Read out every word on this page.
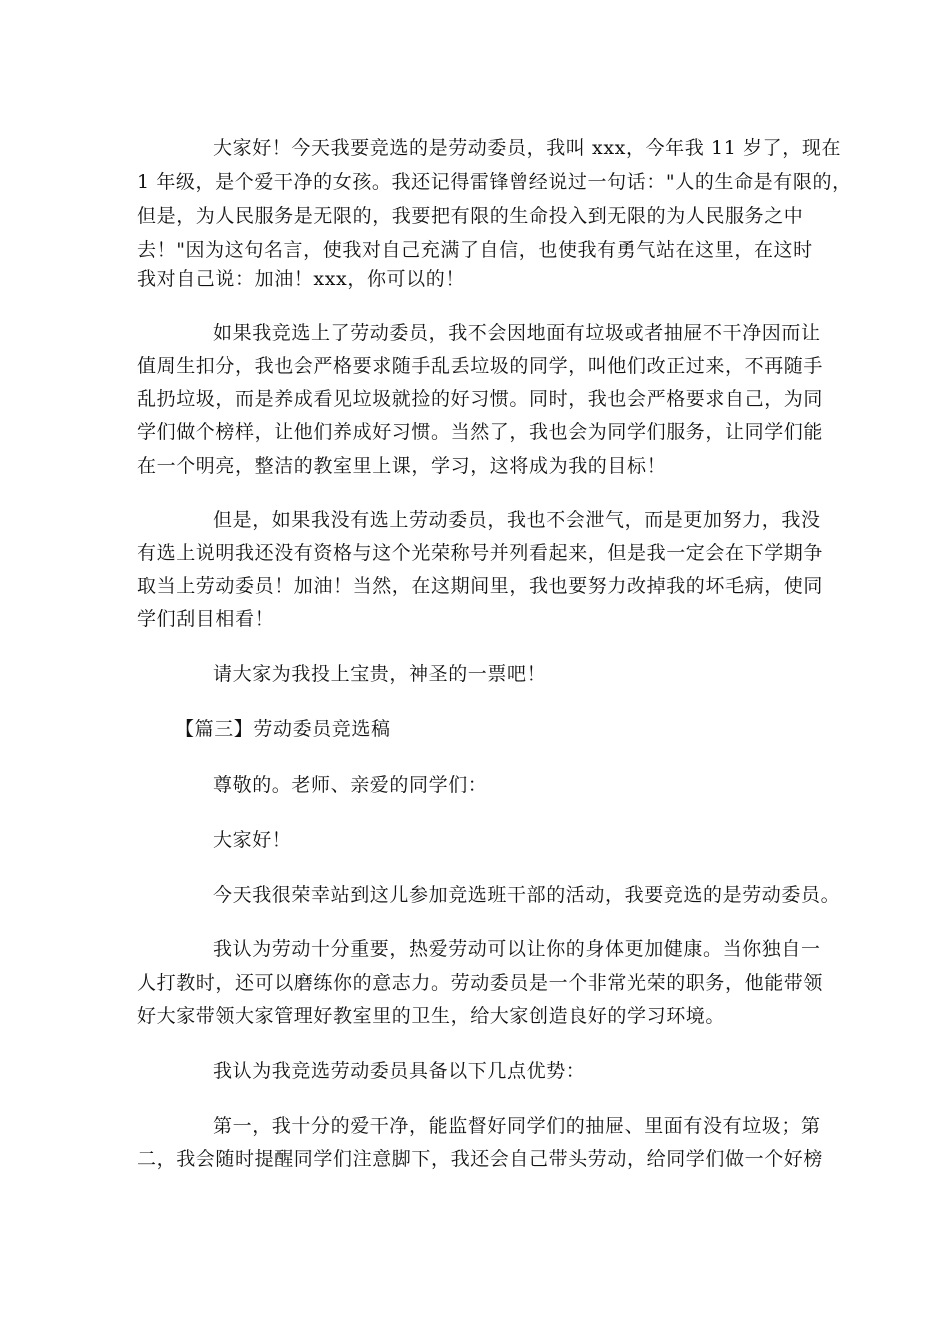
大家好！今天我要竞选的是劳动委员，我叫 xxx，今年我 11 岁了，现在
1 年级，是个爱干净的女孩。我还记得雷锋曾经说过一句话："人的生命是有限的，
但是，为人民服务是无限的，我要把有限的生命投入到无限的为人民服务之中
去！"因为这句名言，使我对自己充满了自信，也使我有勇气站在这里，在这时
我对自己说：加油！xxx，你可以的！
如果我竞选上了劳动委员，我不会因地面有垃圾或者抽屉不干净因而让
值周生扣分，我也会严格要求随手乱丢垃圾的同学，叫他们改正过来，不再随手
乱扔垃圾，而是养成看见垃圾就捡的好习惯。同时，我也会严格要求自己，为同
学们做个榜样，让他们养成好习惯。当然了，我也会为同学们服务，让同学们能
在一个明亮，整洁的教室里上课，学习，这将成为我的目标！
但是，如果我没有选上劳动委员，我也不会泄气，而是更加努力，我没
有选上说明我还没有资格与这个光荣称号并列看起来，但是我一定会在下学期争
取当上劳动委员！加油！当然，在这期间里，我也要努力改掉我的坏毛病，使同
学们刮目相看！
请大家为我投上宝贵，神圣的一票吧！
【篇三】劳动委员竞选稿
尊敬的。老师、亲爱的同学们：
大家好！
今天我很荣幸站到这儿参加竞选班干部的活动，我要竞选的是劳动委员。
我认为劳动十分重要，热爱劳动可以让你的身体更加健康。当你独自一
人打教时，还可以磨练你的意志力。劳动委员是一个非常光荣的职务，他能带领
好大家带领大家管理好教室里的卫生，给大家创造良好的学习环境。
我认为我竞选劳动委员具备以下几点优势：
第一，我十分的爱干净，能监督好同学们的抽屉、里面有没有垃圾；第
二，我会随时提醒同学们注意脚下，我还会自己带头劳动，给同学们做一个好榜
